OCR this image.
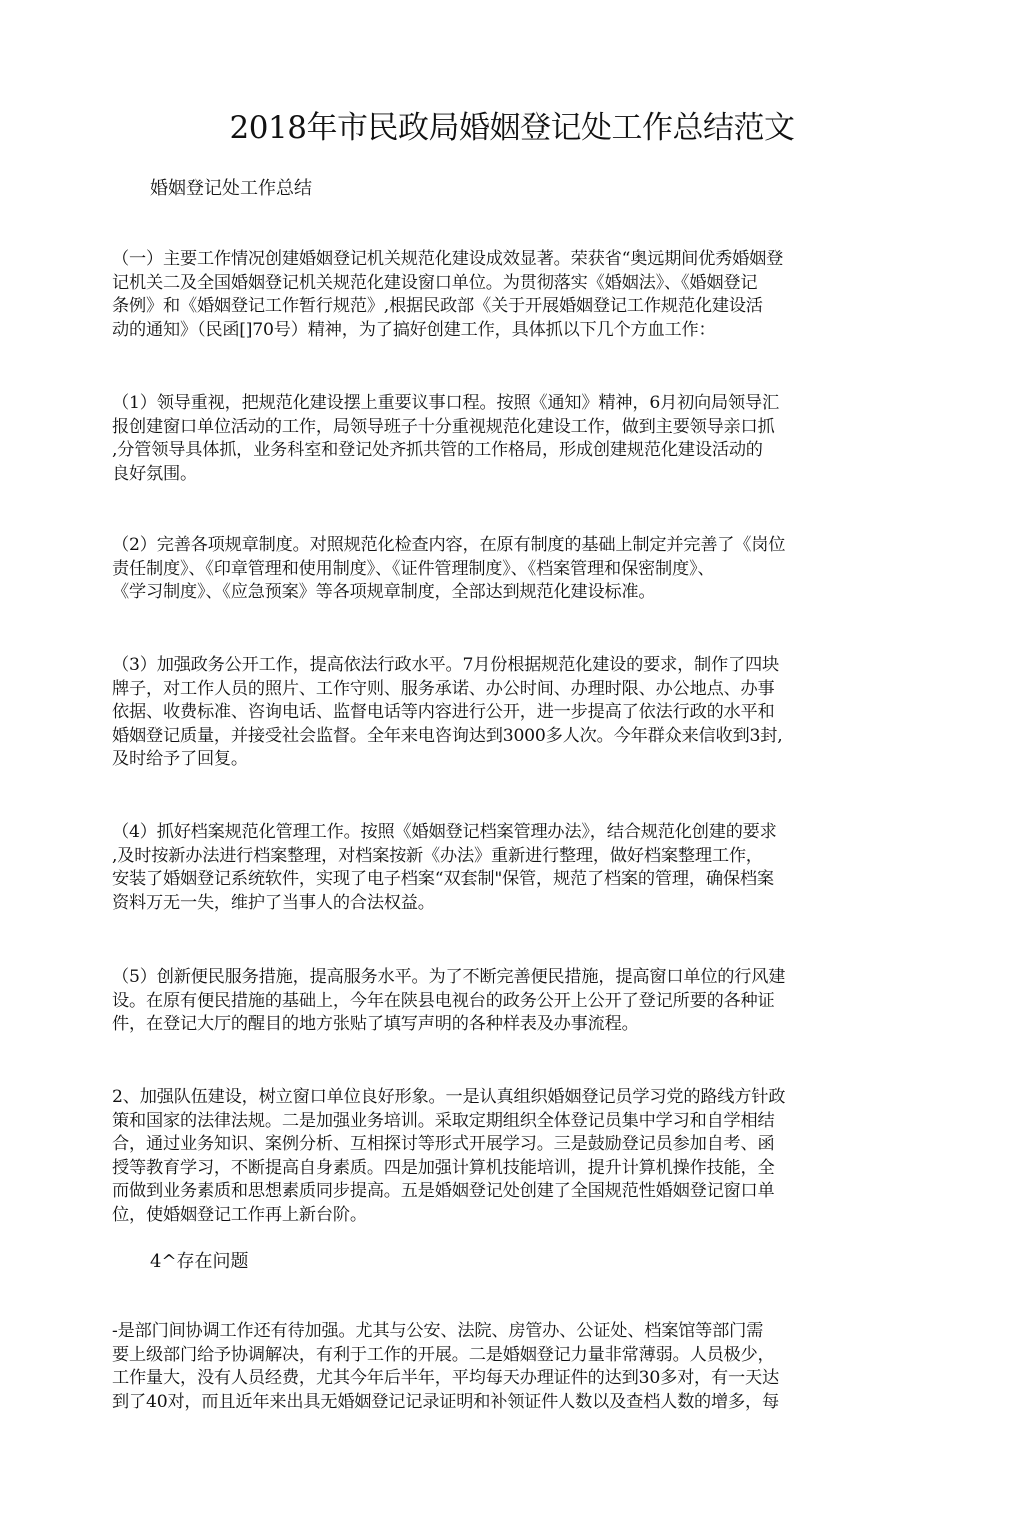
2018年市民政局婚姻登记处工作总结范文
婚姻登记处工作总结
（一）主要工作情况创建婚姻登记机关规范化建设成效显著。荣获省“奥远期间优秀婚姻登
记机关二及全国婚姻登记机关规范化建设窗口单位。为贯彻落实《婚姻法》、《婚姻登记
条例》和《婚姻登记工作暂行规范》,根据民政部《关于开展婚姻登记工作规范化建设活
动的通知》（民函[]70号）精神，为了搞好创建工作，具体抓以下几个方血工作：
（1）领导重视，把规范化建设摆上重要议事口程。按照《通知》精神，6月初向局领导汇
报创建窗口单位活动的工作，局领导班子十分重视规范化建设工作，做到主要领导亲口抓
,分管领导具体抓，业务科室和登记处齐抓共管的工作格局，形成创建规范化建设活动的
良好氛围。
（2）完善各项规章制度。对照规范化检查内容，在原有制度的基础上制定并完善了《岗位
责任制度》、《印章管理和使用制度》、《证件管理制度》、《档案管理和保密制度》、
《学习制度》、《应急预案》等各项规章制度，全部达到规范化建设标准。
（3）加强政务公开工作，提高依法行政水平。7月份根据规范化建设的要求，制作了四块
牌子，对工作人员的照片、工作守则、服务承诺、办公时间、办理时限、办公地点、办事
依据、收费标准、咨询电话、监督电话等内容进行公开，进一步提高了依法行政的水平和
婚姻登记质量，并接受社会监督。全年来电咨询达到3000多人次。今年群众来信收到3封,
及时给予了回复。
（4）抓好档案规范化管理工作。按照《婚姻登记档案管理办法》，结合规范化创建的要求
,及时按新办法进行档案整理，对档案按新《办法》重新进行整理，做好档案整理工作，
安装了婚姻登记系统软件，实现了电子档案“双套制"保管，规范了档案的管理，确保档案
资料万无一失，维护了当事人的合法权益。
（5）创新便民服务措施，提高服务水平。为了不断完善便民措施，提高窗口单位的行风建
设。在原有便民措施的基础上，今年在陕县电视台的政务公开上公开了登记所要的各种证
件，在登记大厅的醒目的地方张贴了填写声明的各种样表及办事流程。
2、加强队伍建设，树立窗口单位良好形象。一是认真组织婚姻登记员学习党的路线方针政
策和国家的法律法规。二是加强业务培训。采取定期组织全体登记员集中学习和自学相结
合，通过业务知识、案例分析、互相探讨等形式开展学习。三是鼓励登记员参加自考、函
授等教育学习，不断提高自身素质。四是加强计算机技能培训，提升计算机操作技能，全
而做到业务素质和思想素质同步提高。五是婚姻登记处创建了全国规范性婚姻登记窗口单
位，使婚姻登记工作再上新台阶。
4^存在问题
-是部门间协调工作还有待加强。尤其与公安、法院、房管办、公证处、档案馆等部门需
要上级部门给予协调解决，有利于工作的开展。二是婚姻登记力量非常薄弱。人员极少，
工作量大，没有人员经费，尤其今年后半年，平均每天办理证件的达到30多对，有一天达
到了40对，而且近年来出具无婚姻登记记录证明和补领证件人数以及查档人数的增多，每
